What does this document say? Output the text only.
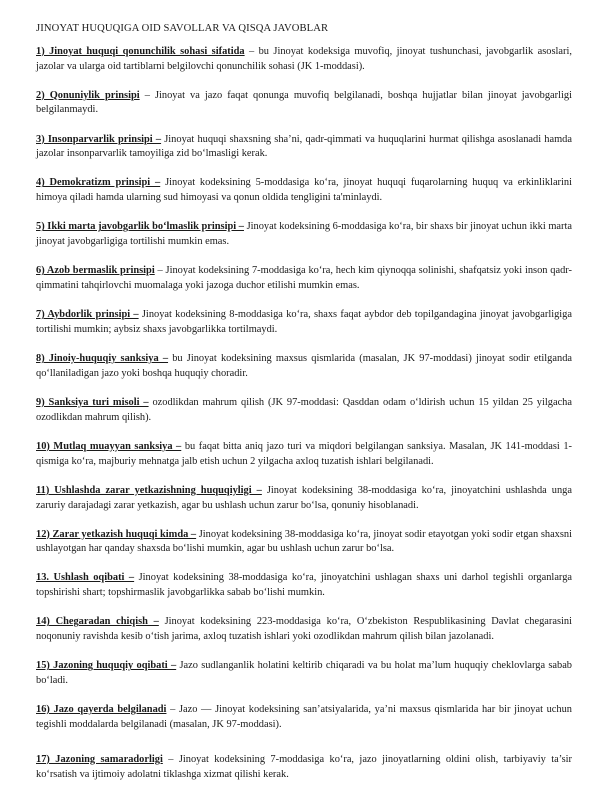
JINOYAT HUQUQIGA OID SAVOLLAR VA QISQA JAVOBLAR

1) Jinoyat huquqi qonunchilik sohasi sifatida – bu Jinoyat kodeksiga muvofiq, jinoyat tushunchasi, javobgarlik asoslari, jazolar va ularga oid tartiblarni belgilovchi qonunchilik sohasi (JK 1-moddasi).

2) Qonuniylik prinsipi – Jinoyat va jazo faqat qonunga muvofiq belgilanadi, boshqa hujjatlar bilan jinoyat javobgarligi belgilanmaydi.

3) Insonparvarlik prinsipi – Jinoyat huquqi shaxsning sha’ni, qadr-qimmati va huquqlarini hurmat qilishga asoslanadi hamda jazolar insonparvarlik tamoyiliga zid bo‘lmasligi kerak.

4) Demokratizm prinsipi – Jinoyat kodeksining 5-moddasiga ko‘ra, jinoyat huquqi fuqarolarning huquq va erkinliklarini himoya qiladi hamda ularning sud himoyasi va qonun oldida tengligini ta'minlaydi.

5) Ikki marta javobgarlik bo‘lmaslik prinsipi – Jinoyat kodeksining 6-moddasiga ko‘ra, bir shaxs bir jinoyat uchun ikki marta jinoyat javobgarligiga tortilishi mumkin emas.

6) Azob bermaslik prinsipi – Jinoyat kodeksining 7-moddasiga ko‘ra, hech kim qiynoqqa solinishi, shafqatsiz yoki inson qadr-qimmatini tahqirlovchi muomalaga yoki jazoga duchor etilishi mumkin emas.

7) Aybdorlik prinsipi – Jinoyat kodeksining 8-moddasiga ko‘ra, shaxs faqat aybdor deb topilgandagina jinoyat javobgarligiga tortilishi mumkin; aybsiz shaxs javobgarlikka tortilmaydi.

8) Jinoiy-huquqiy sanksiya – bu Jinoyat kodeksining maxsus qismlarida (masalan, JK 97-moddasi) jinoyat sodir etilganda qo‘llaniladigan jazo yoki boshqa huquqiy choradir.

9) Sanksiya turi misoli – ozodlikdan mahrum qilish (JK 97-moddasi: Qasddan odam o‘ldirish uchun 15 yildan 25 yilgacha ozodlikdan mahrum qilish).

10) Mutlaq muayyan sanksiya – bu faqat bitta aniq jazo turi va miqdori belgilangan sanksiya. Masalan, JK 141-moddasi 1-qismiga ko‘ra, majburiy mehnatga jalb etish uchun 2 yilgacha axloq tuzatish ishlari belgilanadi.

11) Ushlashda zarar yetkazishning huquqiyligi – Jinoyat kodeksining 38-moddasiga ko‘ra, jinoyatchini ushlashda unga zaruriy darajadagi zarar yetkazish, agar bu ushlash uchun zarur bo‘lsa, qonuniy hisoblanadi.

12) Zarar yetkazish huquqi kimda – Jinoyat kodeksining 38-moddasiga ko‘ra, jinoyat sodir etayotgan yoki sodir etgan shaxsni ushlayotgan har qanday shaxsda bo‘lishi mumkin, agar bu ushlash uchun zarur bo‘lsa.

13. Ushlash oqibati – Jinoyat kodeksining 38-moddasiga ko‘ra, jinoyatchini ushlagan shaxs uni darhol tegishli organlarga topshirishi shart; topshirmaslik javobgarlikka sabab bo‘lishi mumkin.

14) Chegaradan chiqish – Jinoyat kodeksining 223-moddasiga ko‘ra, O‘zbekiston Respublikasining Davlat chegarasini noqonuniy ravishda kesib o‘tish jarima, axloq tuzatish ishlari yoki ozodlikdan mahrum qilish bilan jazolanadi.

15) Jazoning huquqiy oqibati – Jazo sudlanganlik holatini keltirib chiqaradi va bu holat ma’lum huquqiy cheklovlarga sabab bo‘ladi.

16) Jazo qayerda belgilanadi – Jazo — Jinoyat kodeksining san’atsiyalarida, ya’ni maxsus qismlarida har bir jinoyat uchun tegishli moddalarda belgilanadi (masalan, JK 97-moddasi).

17) Jazoning samaradorligi – Jinoyat kodeksining 7-moddasiga ko‘ra, jazo jinoyatlarning oldini olish, tarbiyaviy ta’sir ko‘rsatish va ijtimoiy adolatni tiklashga xizmat qilishi kerak.
